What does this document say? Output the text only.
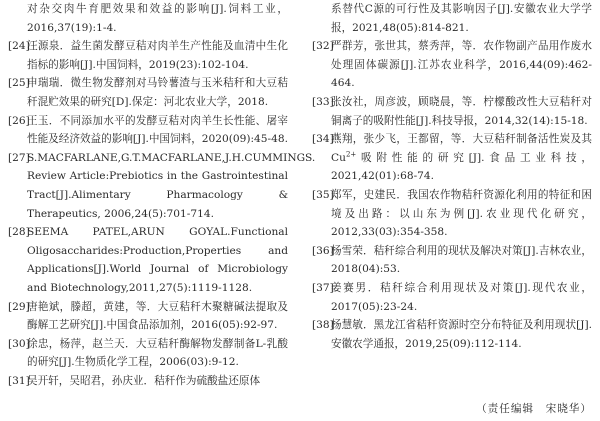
对杂交肉牛育肥效果和效益的影响[J].饲料工业，2016,37(19):1-4.
[24]
汪源泉．益生菌发酵豆秸对肉羊生产性能及血清中生化指标的影响[J].中国饲料，2019(23):102-104.
[25]
申瑞瑞．微生物发酵剂对马铃薯渣与玉米秸秆和大豆秸秆混贮效果的研究[D].保定：河北农业大学，2018.
[26]
王玉．不同添加水平的发酵豆秸对肉羊生长性能、屠宰性能及经济效益的影响[J].中国饲料，2020(09):45-48.
[27]
S.MACFARLANE,G.T.MACFARLANE,J.H.CUMMINGS. Review Article:Prebiotics in the Gastrointestinal Tract[J].Alimentary Pharmacology & Therapeutics, 2006,24(5):701-714.
[28]
SEEMA PATEL,ARUN GOYAL.Functional Oligosaccharides:Production,Properties and Applications[J].World Journal of Microbiology and Biotechnology,2011,27(5):1119-1128.
[29]
唐艳斌，滕超，黄建，等．大豆秸秆木聚糖碱法提取及酶解工艺研究[J].中国食品添加剂，2016(05):92-97.
[30]
徐忠，杨萍，赵兰天．大豆秸秆酶解物发酵制备L-乳酸的研究[J].生物质化学工程，2006(03):9-12.
[31]
吴开轩，吴昭君，孙庆业．秸秆作为硫酸盐还原体
系替代C源的可行性及其影响因子[J].安徽农业大学学报，2021,48(05):814-821.
[32]
严群芳，张世其，蔡秀萍，等．农作物副产品用作废水处理固体碳源[J].江苏农业科学，2016,44(09):462-464.
[33]
张汝社，周彦波，顾晓晨，等．柠檬酸改性大豆秸秆对铜离子的吸附性能[J].科技导报，2014,32(14):15-18.
[34]
燕翔，张少飞，王都留，等．大豆秸秆制备活性炭及其$Cu^{2+}$吸附性能的研究[J].食品工业科技，2021,42(01):68-74.
[35]
郑军，史建民．我国农作物秸秆资源化利用的特征和困境及出路：以山东为例[J].农业现代化研究，2012,33(03):354-358.
[36]
杨雪荣．秸秆综合利用的现状及解决对策[J].吉林农业，2018(04):53.
[37]
姜赛男．秸秆综合利用现状及对策[J].现代农业，2017(05):23-24.
[38]
杨慧敏．黑龙江省秸秆资源时空分布特征及利用现状[J].安徽农学通报，2019,25(09):112-114.
（责任编辑　宋晓华）
